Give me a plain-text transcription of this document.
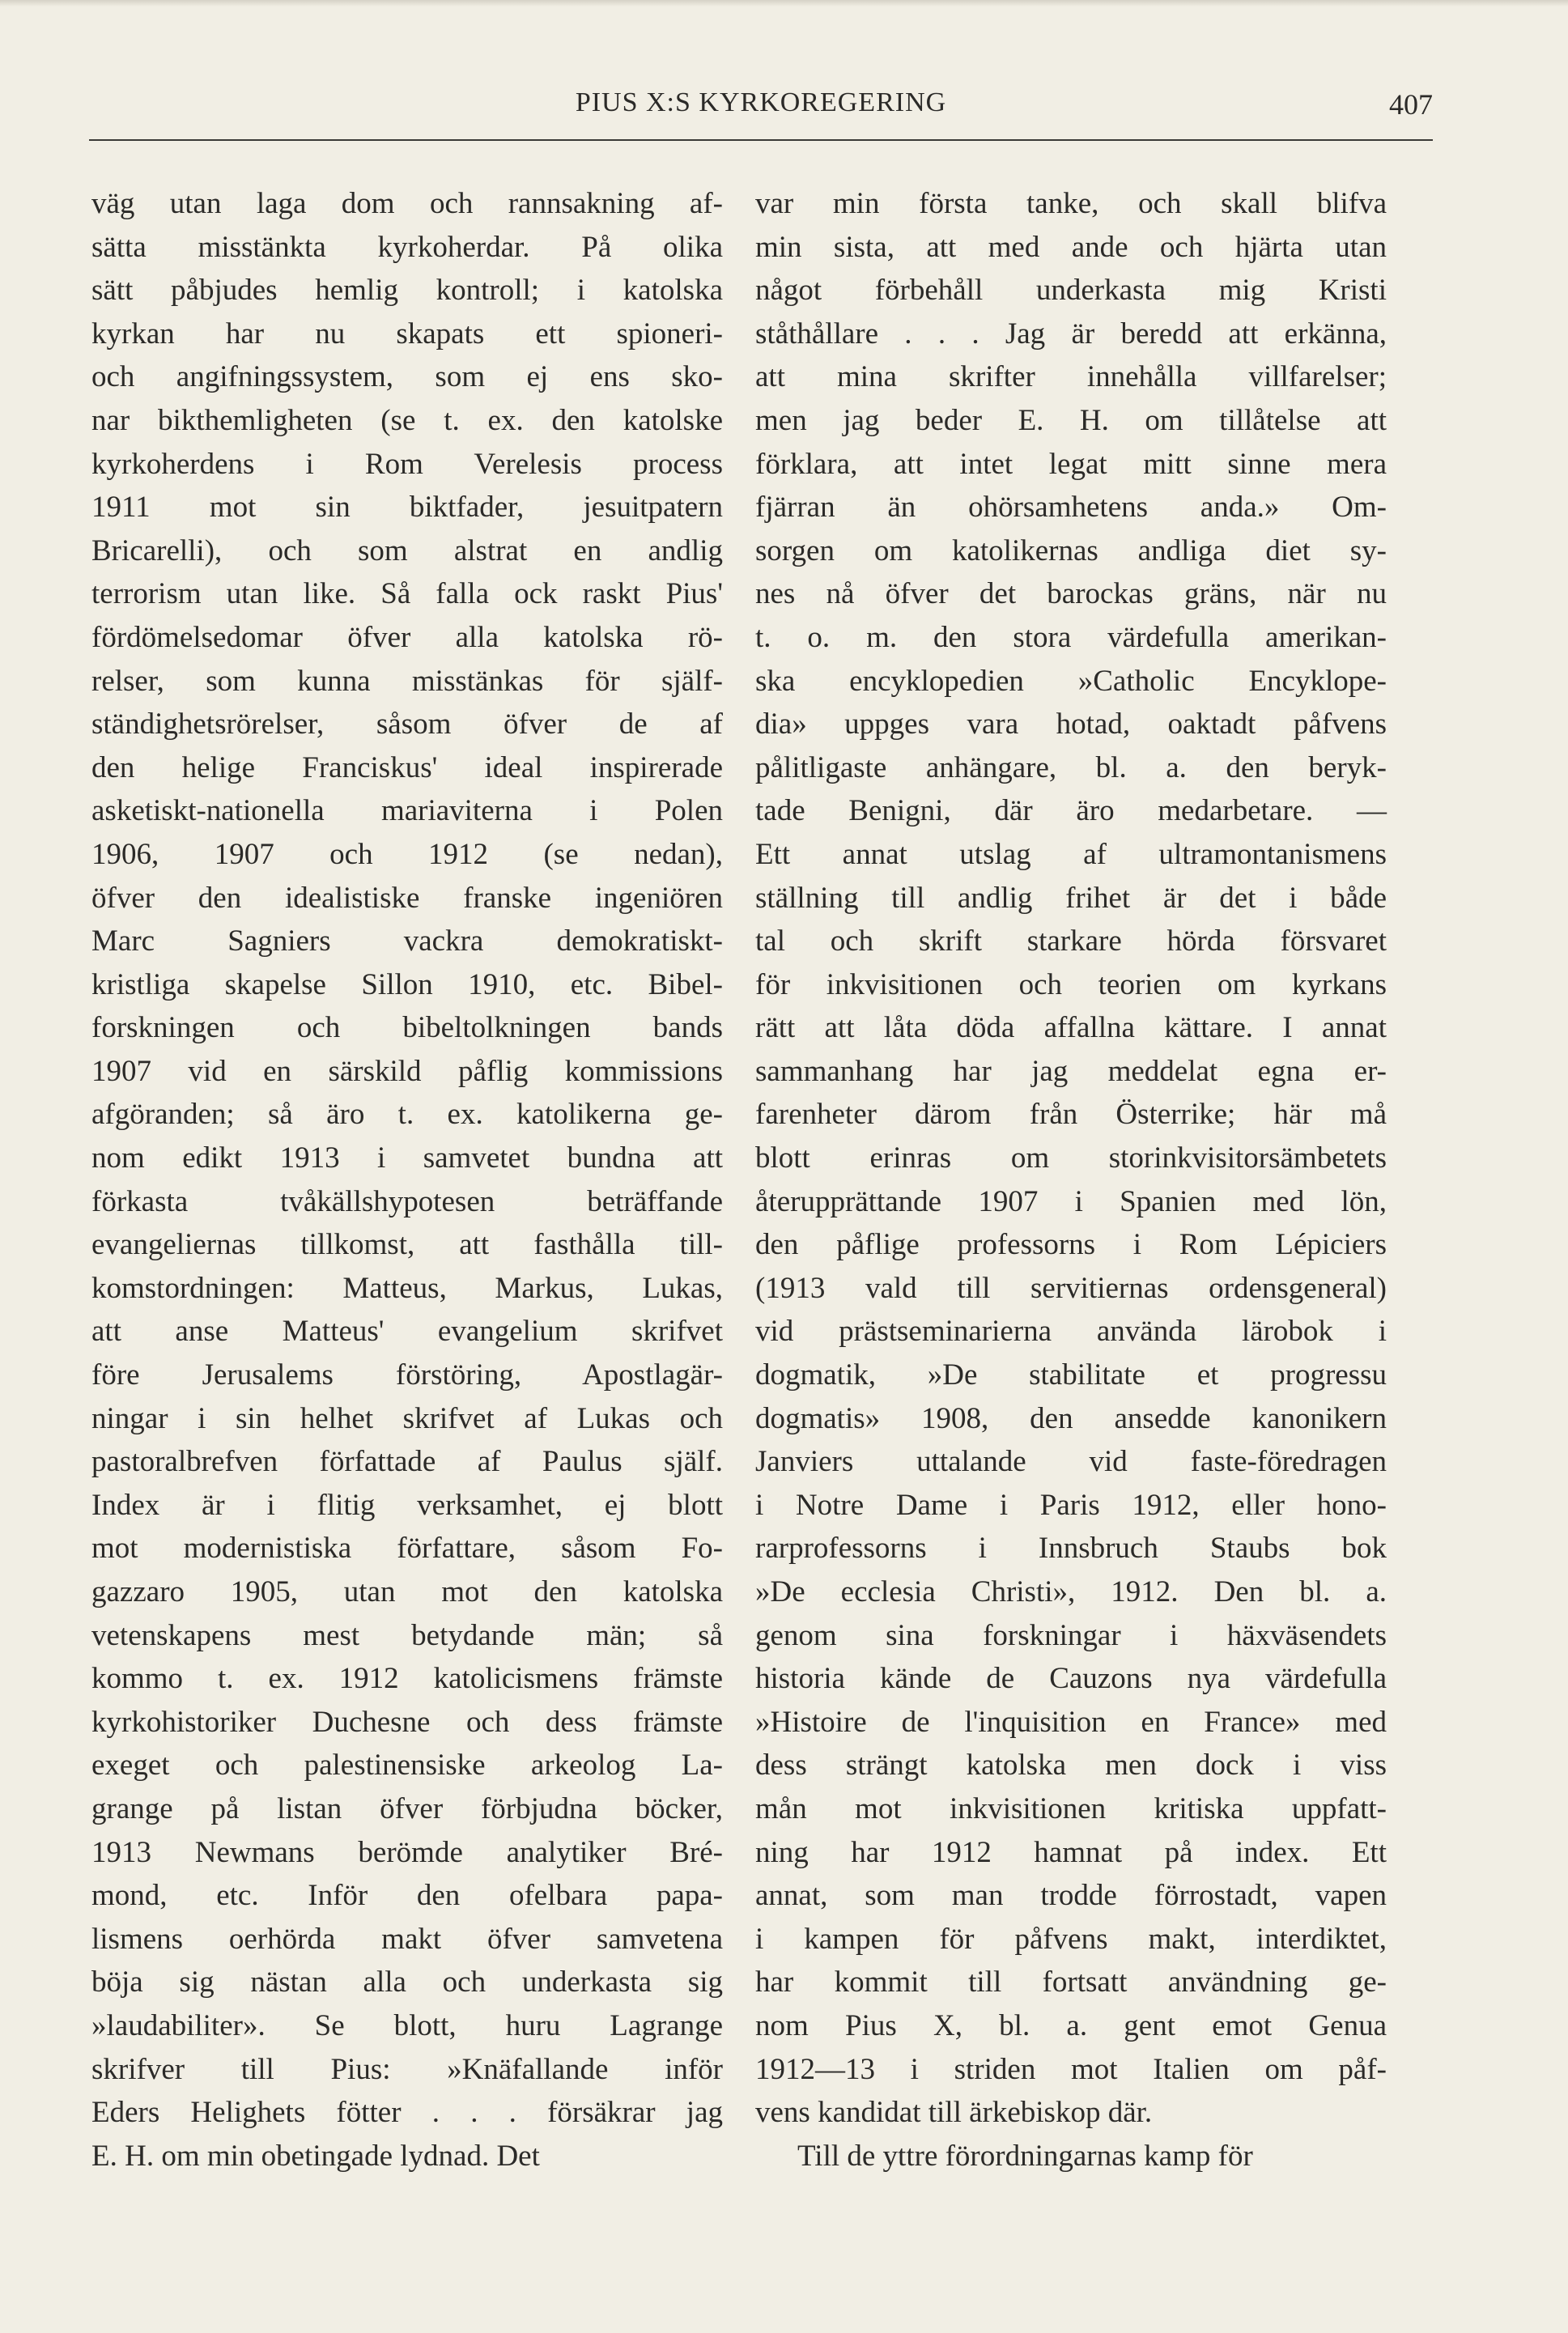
PIUS X:S KYRKOREGERING	407
väg utan laga dom och rannsakning af-
sätta misstänkta kyrkoherdar. På olika
sätt påbjudes hemlig kontroll; i katolska
kyrkan har nu skapats ett spioneri-
och angifningssystem, som ej ens sko-
nar bikthemligheten (se t. ex. den katolske
kyrkoherdens i Rom Verelesis process
1911 mot sin biktfader, jesuitpatern
Bricarelli), och som alstrat en andlig
terrorism utan like. Så falla ock raskt Pius'
fördömelsedomar öfver alla katolska rö-
relser, som kunna misstänkas för själf-
ständighetsrörelser, såsom öfver de af
den helige Franciskus' ideal inspirerade
asketiskt-nationella mariaviterna i Polen
1906, 1907 och 1912 (se nedan),
öfver den idealistiske franske ingeniören
Marc Sagniers vackra demokratiskt-
kristliga skapelse Sillon 1910, etc. Bibel-
forskningen och bibeltolkningen bands
1907 vid en särskild påflig kommissions
afgöranden; så äro t. ex. katolikerna ge-
nom edikt 1913 i samvetet bundna att
förkasta tvåkällshypotesen beträffande
evangeliernas tillkomst, att fasthålla till-
komstordningen: Matteus, Markus, Lukas,
att anse Matteus' evangelium skrifvet
före Jerusalems förstöring, Apostlagär-
ningar i sin helhet skrifvet af Lukas och
pastoralbrefven författade af Paulus själf.
Index är i flitig verksamhet, ej blott
mot modernistiska författare, såsom Fo-
gazzaro 1905, utan mot den katolska
vetenskapens mest betydande män; så
kommo t. ex. 1912 katolicismens främste
kyrkohistoriker Duchesne och dess främste
exeget och palestinensiske arkeolog La-
grange på listan öfver förbjudna böcker,
1913 Newmans berömde analytiker Bré-
mond, etc. Inför den ofelbara papa-
lismens oerhörda makt öfver samvetena
böja sig nästan alla och underkasta sig
»laudabiliter». Se blott, huru Lagrange
skrifver till Pius: »Knäfallande inför
Eders Helighets fötter . . . försäkrar jag
E. H. om min obetingade lydnad. Det
var min första tanke, och skall blifva
min sista, att med ande och hjärta utan
något förbehåll underkasta mig Kristi
ståthållare . . . Jag är beredd att erkänna,
att mina skrifter innehålla villfarelser;
men jag beder E. H. om tillåtelse att
förklara, att intet legat mitt sinne mera
fjärran än ohörsamhetens anda.» Om-
sorgen om katolikernas andliga diet sy-
nes nå öfver det barockas gräns, när nu
t. o. m. den stora värdefulla amerikan-
ska encyklopedien »Catholic Encyklope-
dia» uppges vara hotad, oaktadt påfvens
pålitligaste anhängare, bl. a. den beryk-
tade Benigni, där äro medarbetare. —
Ett annat utslag af ultramontanismens
ställning till andlig frihet är det i både
tal och skrift starkare hörda försvaret
för inkvisitionen och teorien om kyrkans
rätt att låta döda affallna kättare. I annat
sammanhang har jag meddelat egna er-
farenheter därom från Österrike; här må
blott erinras om storinkvisitorsämbetets
återupprättande 1907 i Spanien med lön,
den påflige professorns i Rom Lépiciers
(1913 vald till servitiernas ordensgeneral)
vid prästseminarierna använda lärobok i
dogmatik, »De stabilitate et progressu
dogmatis» 1908, den ansedde kanonikern
Janviers uttalande vid faste-föredragen
i Notre Dame i Paris 1912, eller hono-
rarprofessorns i Innsbruch Staubs bok
»De ecclesia Christi», 1912. Den bl. a.
genom sina forskningar i häxväsendets
historia kände de Cauzons nya värdefulla
»Histoire de l'inquisition en France» med
dess strängt katolska men dock i viss
mån mot inkvisitionen kritiska uppfatt-
ning har 1912 hamnat på index. Ett
annat, som man trodde förrostadt, vapen
i kampen för påfvens makt, interdiktet,
har kommit till fortsatt användning ge-
nom Pius X, bl. a. gent emot Genua
1912—13 i striden mot Italien om påf-
vens kandidat till ärkebiskop där.
Till de yttre förordningarnas kamp för
